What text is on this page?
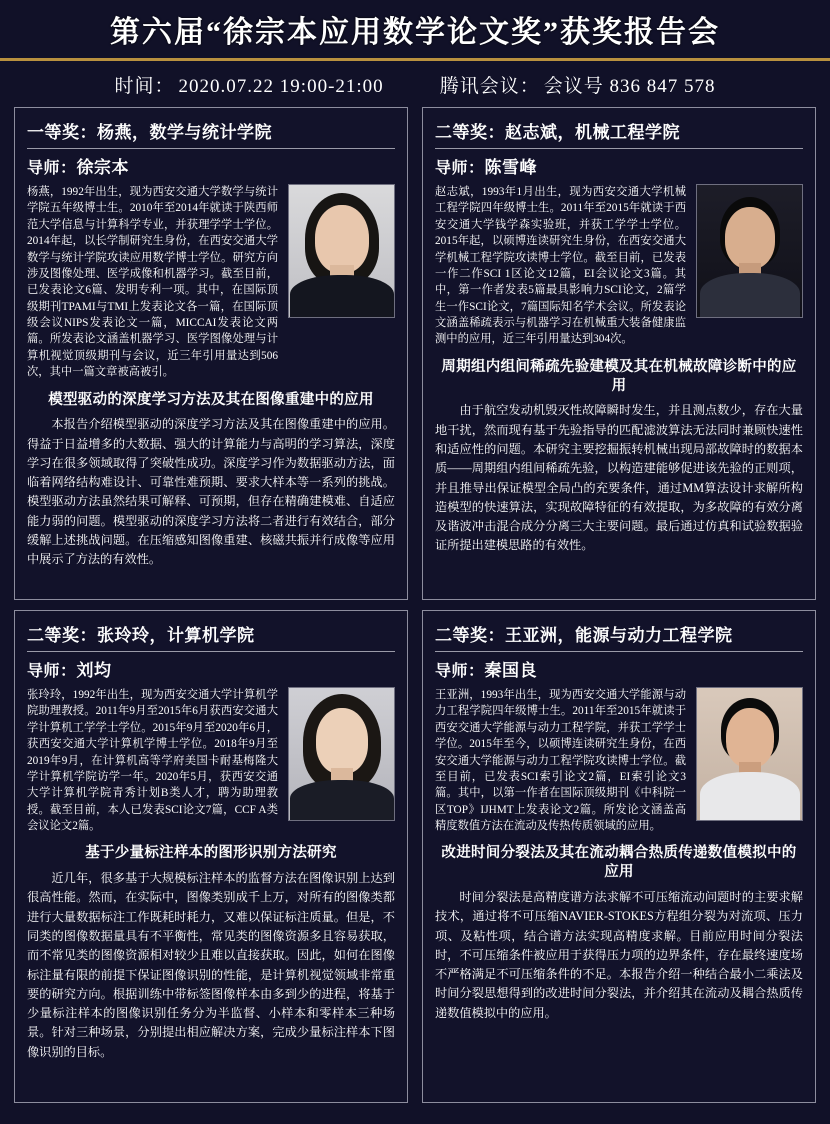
第六届“徐宗本应用数学论文奖”获奖报告会
时间： 2020.07.22 19:00-21:00	腾讯会议： 会议号 836 847 578
一等奖：杨燕，数学与统计学院
导师：徐宗本
杨燕，1992年出生，现为西安交通大学数学与统计学院五年级博士生。2010年至2014年就读于陕西师范大学信息与计算科学专业，并获理学学士学位。2014年起，以长学制研究生身份，在西安交通大学数学与统计学院攻读应用数学博士学位。研究方向涉及图像处理、医学成像和机器学习。截至目前，已发表论文6篇、发明专利一项。其中，在国际顶级期刊TPAMI与TMI上发表论文各一篇，在国际顶级会议NIPS发表论文一篇，MICCAI发表论文两篇。所发表论文涵盖机器学习、医学图像处理与计算机视觉顶级期刊与会议，近三年引用量达到506次，其中一篇文章被高被引。
模型驱动的深度学习方法及其在图像重建中的应用
本报告介绍模型驱动的深度学习方法及其在图像重建中的应用。得益于日益增多的大数据、强大的计算能力与高明的学习算法，深度学习在很多领域取得了突破性成功。深度学习作为数据驱动方法，面临着网络结构难设计、可靠性难预期、要求大样本等一系列的挑战。模型驱动方法虽然结果可解释、可预期，但存在精确建模难、自适应能力弱的问题。模型驱动的深度学习方法将二者进行有效结合，部分缓解上述挑战问题。在压缩感知图像重建、核磁共振并行成像等应用中展示了方法的有效性。
二等奖：赵志斌，机械工程学院
导师：陈雪峰
赵志斌，1993年1月出生，现为西安交通大学机械工程学院四年级博士生。2011年至2015年就读于西安交通大学钱学森实验班，并获工学学士学位。2015年起，以硕博连读研究生身份，在西安交通大学机械工程学院攻读博士学位。截至目前，已发表一作二作SCI 1区论文12篇，EI会议论文3篇。其中，第一作者发表5篇最具影响力SCI论文，2篇学生一作SCI论文，7篇国际知名学术会议。所发表论文涵盖稀疏表示与机器学习在机械重大装备健康监测中的应用，近三年引用量达到304次。
周期组内组间稀疏先验建模及其在机械故障诊断中的应用
由于航空发动机毁灭性故障瞬时发生，并且测点数少，存在大量地干扰，然而现有基于先验指导的匹配滤波算法无法同时兼顾快速性和适应性的问题。本研究主要挖掘振转机械出现局部故障时的数据本质——周期组内组间稀疏先验，以构造建能够促进该先验的正则项，并且推导出保证模型全局凸的充要条件，通过MM算法设计求解所构造模型的快速算法，实现故障特征的有效提取，为多故障的有效分离及谐波冲击混合成分分离三大主要问题。最后通过仿真和试验数据验证所提出建模思路的有效性。
二等奖：张玲玲，计算机学院
导师：刘均
张玲玲，1992年出生，现为西安交通大学计算机学院助理教授。2011年9月至2015年6月获西安交通大学计算机工学学士学位。2015年9月至2020年6月，获西安交通大学计算机学博士学位。2018年9月至2019年9月，在计算机高等学府美国卡耐基梅隆大学计算机学院访学一年。2020年5月，获西安交通大学计算机学院青秀计划B类人才，聘为助理教授。截至目前，本人已发表SCI论文7篇，CCF A类会议论文2篇。
基于少量标注样本的图形识别方法研究
近几年，很多基于大规模标注样本的监督方法在图像识别上达到很高性能。然而，在实际中，图像类别成千上万，对所有的图像类都进行大量数据标注工作既耗时耗力，又难以保证标注质量。但是，不同类的图像数据量具有不平衡性，常见类的图像资源多且容易获取，而不常见类的图像资源相对较少且难以直接获取。因此，如何在图像标注量有限的前提下保证图像识别的性能，是计算机视觉领域非常重要的研究方向。根据训练中带标签图像样本由多到少的进程，将基于少量标注样本的图像识别任务分为半监督、小样本和零样本三种场景。针对三种场景，分别提出相应解决方案，完成少量标注样本下图像识别的目标。
二等奖：王亚洲，能源与动力工程学院
导师：秦国良
王亚洲，1993年出生，现为西安交通大学能源与动力工程学院四年级博士生。2011年至2015年就读于西安交通大学能源与动力工程学院，并获工学学士学位。2015年至今，以硕博连读研究生身份，在西安交通大学能源与动力工程学院攻读博士学位。截至目前，已发表SCI索引论文2篇，EI索引论文3篇。其中，以第一作者在国际顶级期刊《中科院一区TOP》IJHMT上发表论文2篇。所发论文涵盖高精度数值方法在流动及传热传质领域的应用。
改进时间分裂法及其在流动耦合热质传递数值模拟中的应用
时间分裂法是高精度谱方法求解不可压缩流动问题时的主要求解技术，通过将不可压缩NAVIER-STOKES方程组分裂为对流项、压力项、及粘性项，结合谱方法实现高精度求解。目前应用时间分裂法时，不可压缩条件被应用于获得压力项的边界条件，存在最终速度场不严格满足不可压缩条件的不足。本报告介绍一种结合最小二乘法及时间分裂思想得到的改进时间分裂法，并介绍其在流动及耦合热质传递数值模拟中的应用。
